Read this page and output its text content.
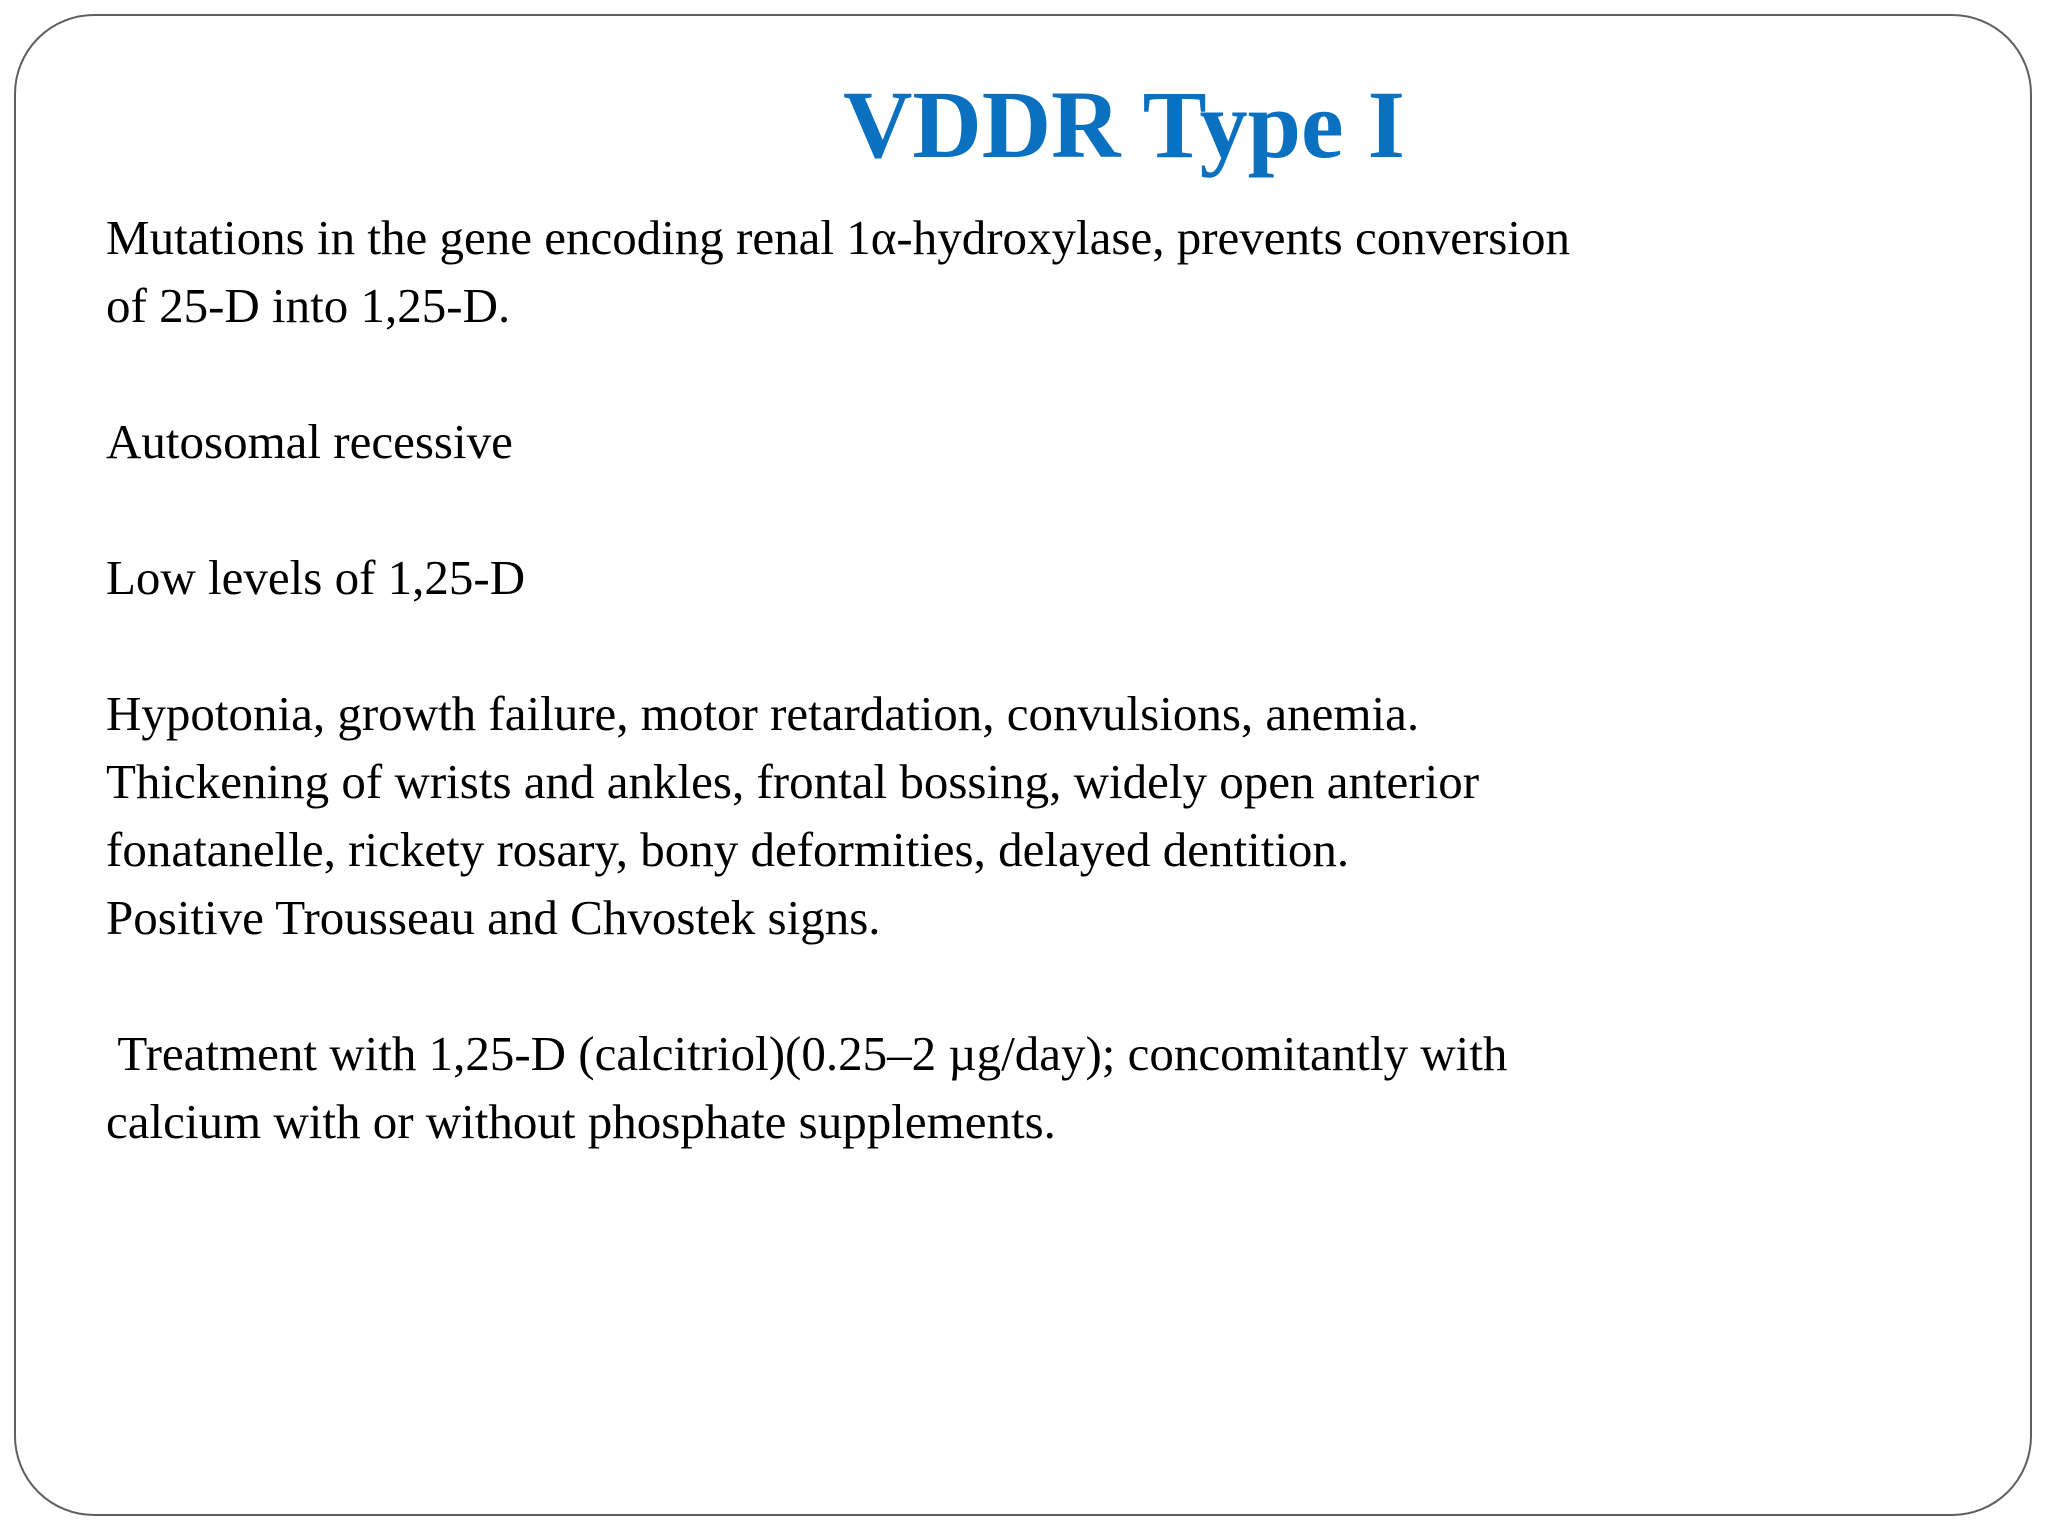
VDDR Type I

Mutations in the gene encoding renal 1α-hydroxylase, prevents conversion
of 25-D into 1,25-D.

Autosomal recessive

Low levels of 1,25-D

Hypotonia, growth failure, motor retardation, convulsions, anemia.
Thickening of wrists and ankles, frontal bossing, widely open anterior
fonatanelle, rickety rosary, bony deformities, delayed dentition.
Positive Trousseau and Chvostek signs.

Treatment with 1,25-D (calcitriol)(0.25–2 µg/day); concomitantly with
calcium with or without phosphate supplements.
